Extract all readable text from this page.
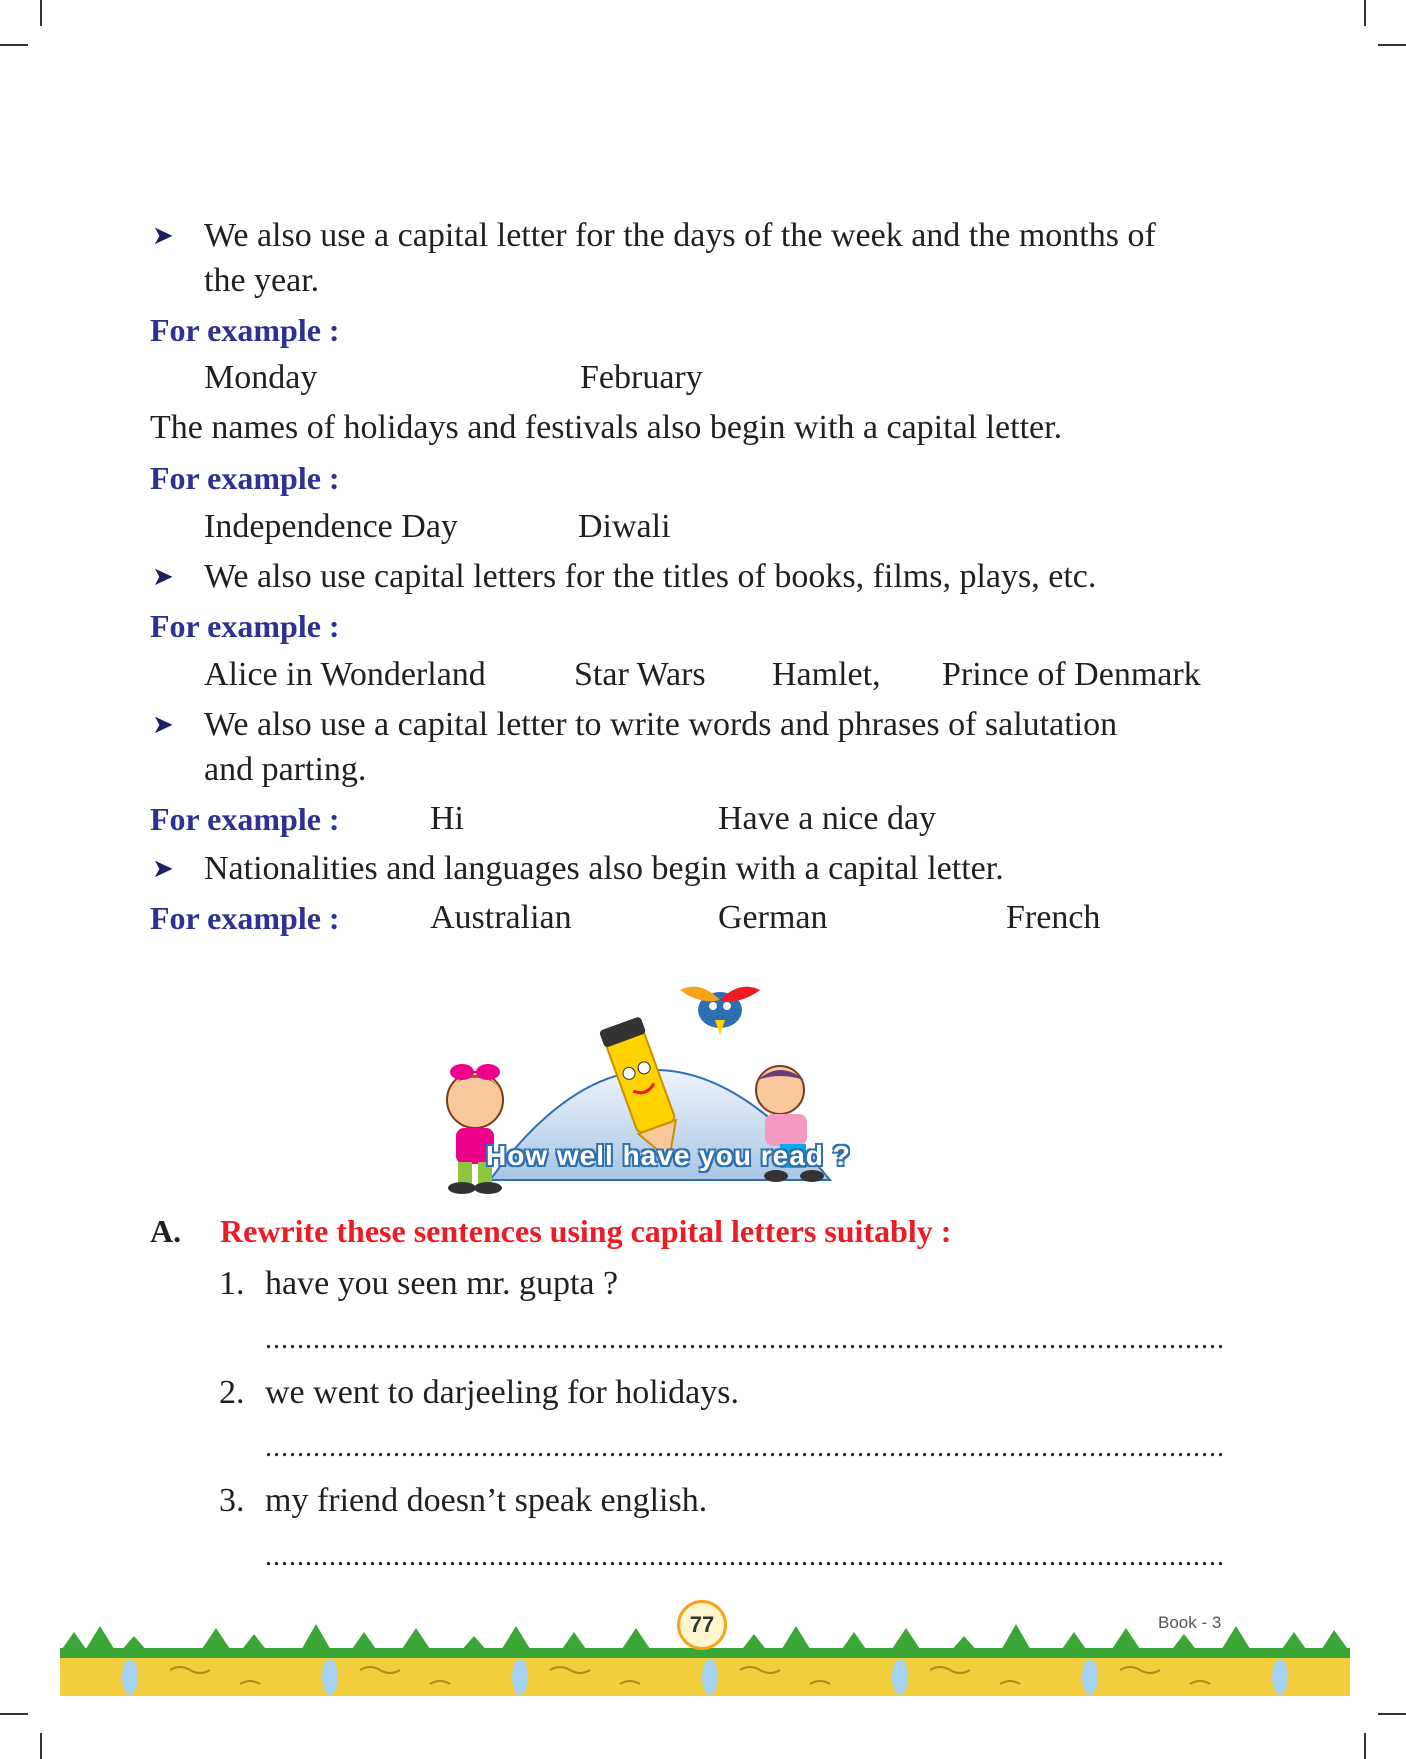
➤ We also use a capital letter for the days of the week and the months of
the year.
For example :
Monday	February
The names of holidays and festivals also begin with a capital letter.
For example :
Independence Day	Diwali
➤ We also use capital letters for the titles of books, films, plays, etc.
For example :
Alice in Wonderland	Star Wars Hamlet, Prince of Denmark
➤ We also use a capital letter to write words and phrases of salutation
and parting.
For example :	Hi	Have a nice day
➤ Nationalities and languages also begin with a capital letter.
For example :	Australian	German	French
How well have you read ?
A. Rewrite these sentences using capital letters suitably :
1. have you seen mr. gupta ?
........................................................................................................................
2. we went to darjeeling for holidays.
........................................................................................................................
3. my friend doesn’t speak english.
........................................................................................................................
77	Book - 3
